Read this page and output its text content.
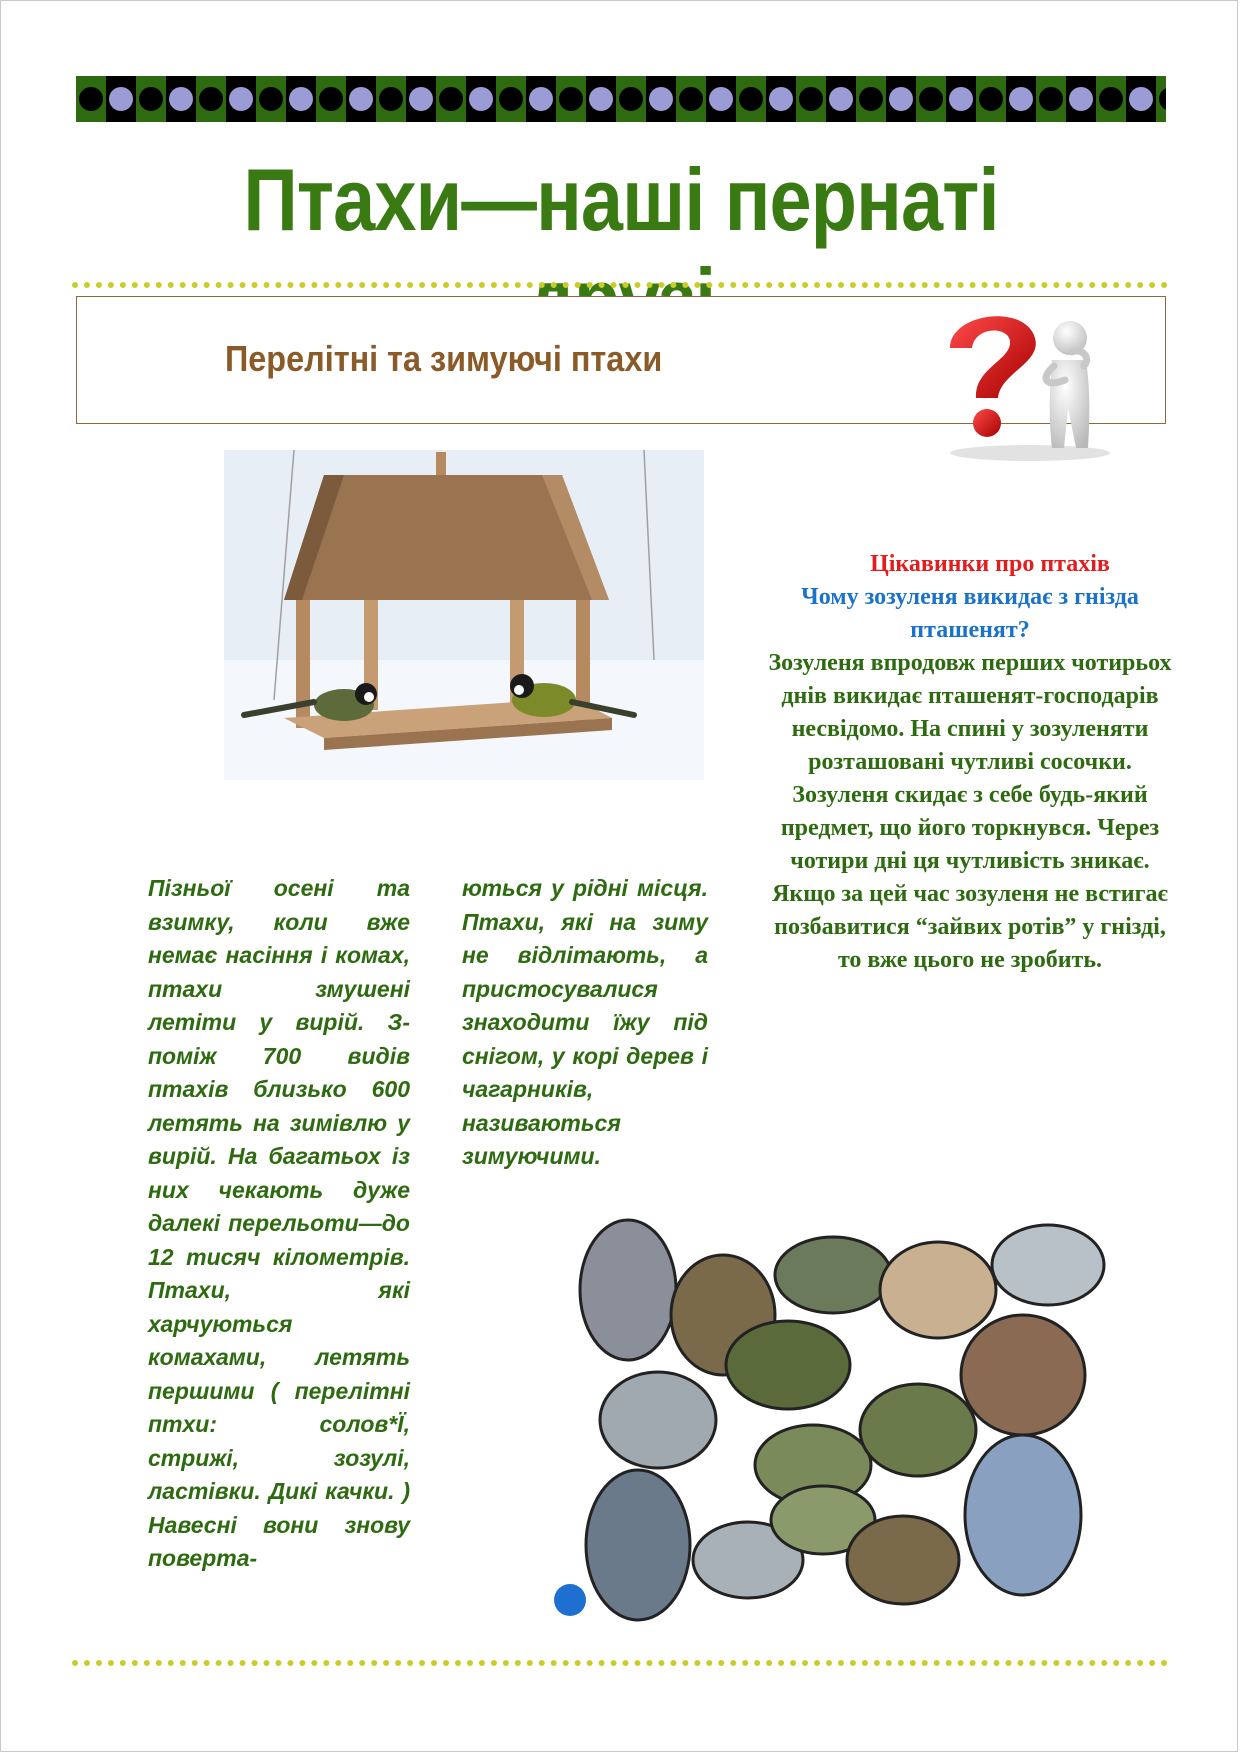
Птахи—наші пернаті
Перелітні та зимуючі птахи
Цікавинки про птахів
Чому зозуленя викидає з гнізда пташенят?
Зозуленя впродовж перших чотирьох днів викидає пташенят-господарів несвідомо. На спині у зозуленяти розташовані чутливі сосочки. Зозуленя скидає з себе будь-який предмет, що його торкнувся. Через чотири дні ця чутливість зникає. Якщо за цей час зозуленя не встигає позбавитися “зайвих ротів” у гнізді, то вже цього не зробить.
Пізньої осені та взимку, коли вже немає насіння і комах, птахи змушені летіти у вирій. З-поміж 700 видів птахів близько 600 летять на зимівлю у вирій. На багатьох із них чекають дуже далекі перельоти—до 12 тисяч кілометрів. Птахи, які харчуються комахами, летять першими ( перелітні птхи: солов*Ї, стрижі, зозулі, ластівки. Дикі качки. ) Навесні вони знову поверта-
ються у рідні місця. Птахи, які на зиму не відлітають, а пристосувалися знаходити їжу під снігом, у корі дерев і чагарників, називаються зимуючими.
